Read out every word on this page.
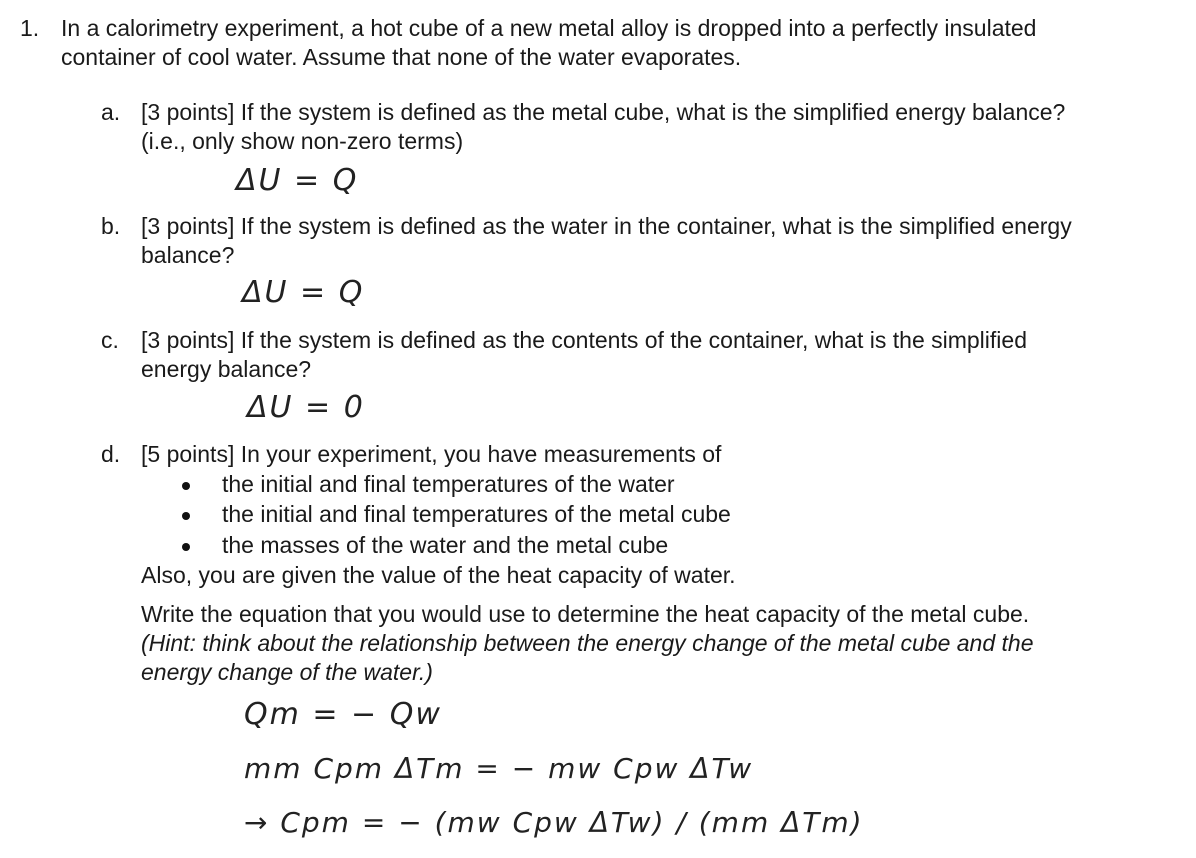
1. In a calorimetry experiment, a hot cube of a new metal alloy is dropped into a perfectly insulated
container of cool water. Assume that none of the water evaporates.
a. [3 points] If the system is defined as the metal cube, what is the simplified energy balance?
(i.e., only show non-zero terms)
ΔU = Q
b. [3 points] If the system is defined as the water in the container, what is the simplified energy
balance?
ΔU = Q
c. [3 points] If the system is defined as the contents of the container, what is the simplified
energy balance?
ΔU = 0
d. [5 points] In your experiment, you have measurements of
the initial and final temperatures of the water
the initial and final temperatures of the metal cube
the masses of the water and the metal cube
Also, you are given the value of the heat capacity of water.
Write the equation that you would use to determine the heat capacity of the metal cube.
(Hint: think about the relationship between the energy change of the metal cube and the
energy change of the water.)
Qm = − Qw
mm Cpm ΔTm = − mw Cpw ΔTw
→ Cpm = − (mw Cpw ΔTw) / (mm ΔTm)
